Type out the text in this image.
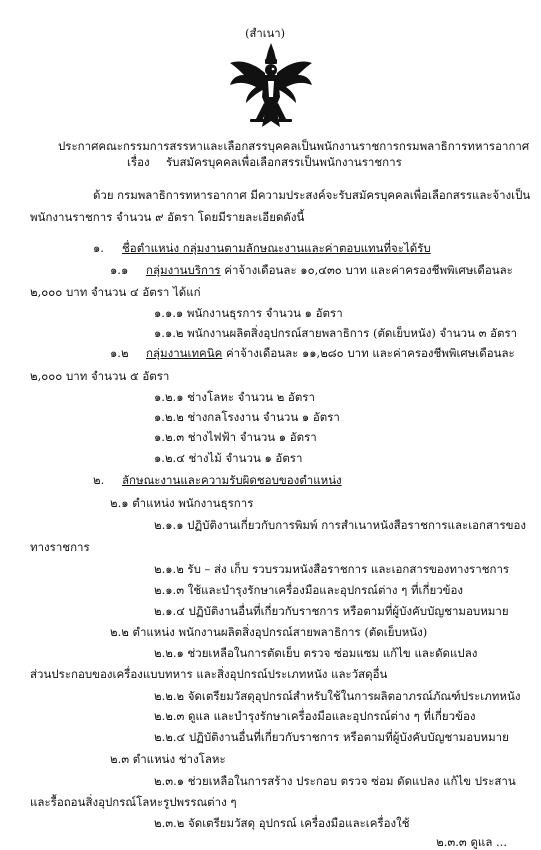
(สำเนา)
ประกาศคณะกรรมการสรรหาและเลือกสรรบุคคลเป็นพนักงานราชการกรมพลาธิการทหารอากาศ
เรื่อง รับสมัครบุคคลเพื่อเลือกสรรเป็นพนักงานราชการ
ด้วย กรมพลาธิการทหารอากาศ มีความประสงค์จะรับสมัครบุคคลเพื่อเลือกสรรและจ้างเป็น
พนักงานราชการ จำนวน ๙ อัตรา โดยมีรายละเอียดดังนี้
๑. ชื่อตำแหน่ง กลุ่มงานตามลักษณะงานและค่าตอบแทนที่จะได้รับ
๑.๑ กลุ่มงานบริการ ค่าจ้างเดือนละ ๑๐,๔๓๐ บาท และค่าครองชีพพิเศษเดือนละ
๒,๐๐๐ บาท จำนวน ๔ อัตรา ได้แก่
๑.๑.๑ พนักงานธุรการ จำนวน ๑ อัตรา
๑.๑.๒ พนักงานผลิตสิ่งอุปกรณ์สายพลาธิการ (ตัดเย็บหนัง) จำนวน ๓ อัตรา
๑.๒ กลุ่มงานเทคนิค ค่าจ้างเดือนละ ๑๑,๒๘๐ บาท และค่าครองชีพพิเศษเดือนละ
๒,๐๐๐ บาท จำนวน ๕ อัตรา
๑.๒.๑ ช่างโลหะ จำนวน ๒ อัตรา
๑.๒.๒ ช่างกลโรงงาน จำนวน ๑ อัตรา
๑.๒.๓ ช่างไฟฟ้า จำนวน ๑ อัตรา
๑.๒.๔ ช่างไม้ จำนวน ๑ อัตรา
๒. ลักษณะงานและความรับผิดชอบของตำแหน่ง
๒.๑ ตำแหน่ง พนักงานธุรการ
๒.๑.๑ ปฏิบัติงานเกี่ยวกับการพิมพ์ การสำเนาหนังสือราชการและเอกสารของ
ทางราชการ
๒.๑.๒ รับ – ส่ง เก็บ รวบรวมหนังสือราชการ และเอกสารของทางราชการ
๒.๑.๓ ใช้และบำรุงรักษาเครื่องมือและอุปกรณ์ต่าง ๆ ที่เกี่ยวข้อง
๒.๑.๔ ปฏิบัติงานอื่นที่เกี่ยวกับราชการ หรือตามที่ผู้บังคับบัญชามอบหมาย
๒.๒ ตำแหน่ง พนักงานผลิตสิ่งอุปกรณ์สายพลาธิการ (ตัดเย็บหนัง)
๒.๒.๑ ช่วยเหลือในการตัดเย็บ ตรวจ ซ่อมแซม แก้ไข และดัดแปลง
ส่วนประกอบของเครื่องแบบทหาร และสิ่งอุปกรณ์ประเภทหนัง และวัสดุอื่น
๒.๒.๒ จัดเตรียมวัสดุอุปกรณ์สำหรับใช้ในการผลิตอาภรณ์ภัณฑ์ประเภทหนัง
๒.๒.๓ ดูแล และบำรุงรักษาเครื่องมือและอุปกรณ์ต่าง ๆ ที่เกี่ยวข้อง
๒.๒.๔ ปฏิบัติงานอื่นที่เกี่ยวกับราชการ หรือตามที่ผู้บังคับบัญชามอบหมาย
๒.๓ ตำแหน่ง ช่างโลหะ
๒.๓.๑ ช่วยเหลือในการสร้าง ประกอบ ตรวจ ซ่อม ดัดแปลง แก้ไข ประสาน
และรื้อถอนสิ่งอุปกรณ์โลหะรูปพรรณต่าง ๆ
๒.๓.๒ จัดเตรียมวัสดุ อุปกรณ์ เครื่องมือและเครื่องใช้
๒.๓.๓ ดูแล ...
